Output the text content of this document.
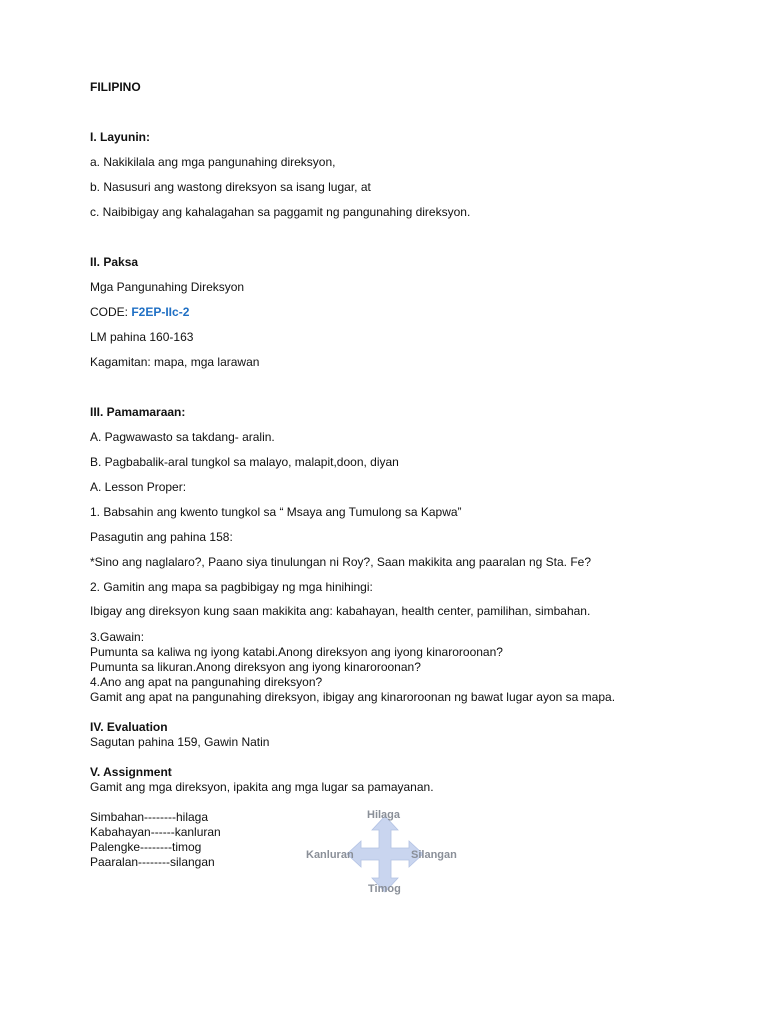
FILIPINO
I. Layunin:
a. Nakikilala ang mga pangunahing direksyon,
b. Nasusuri ang wastong direksyon sa isang lugar, at
c. Naibibigay ang kahalagahan sa paggamit ng pangunahing direksyon.
II. Paksa
Mga Pangunahing Direksyon
CODE: F2EP-IIc-2
LM pahina 160-163
Kagamitan: mapa, mga larawan
III. Pamamaraan:
A. Pagwawasto sa takdang- aralin.
B. Pagbabalik-aral tungkol sa malayo, malapit,doon, diyan
A. Lesson Proper:
1. Babsahin ang kwento tungkol sa “ Msaya ang Tumulong sa Kapwa”
Pasagutin ang pahina 158:
*Sino ang naglalaro?, Paano siya tinulungan ni Roy?, Saan makikita ang paaralan ng Sta. Fe?
2. Gamitin ang mapa sa pagbibigay ng mga hinihingi:
Ibigay ang direksyon kung saan makikita ang: kabahayan, health center, pamilihan, simbahan.
3.Gawain:
Pumunta sa kaliwa ng iyong katabi.Anong direksyon ang iyong kinaroroonan?
Pumunta sa likuran.Anong direksyon ang iyong kinaroroonan?
4.Ano ang apat na pangunahing direksyon?
Gamit ang apat na pangunahing direksyon, ibigay ang kinaroroonan ng bawat lugar ayon sa mapa.
IV. Evaluation
Sagutan pahina 159, Gawin Natin
V. Assignment
Gamit ang mga direksyon, ipakita ang mga lugar sa pamayanan.
Simbahan--------hilaga
Kabahayan------kanluran
Palengke--------timog
Paaralan--------silangan
Hilaga
Kanluran	Silangan
Timog
